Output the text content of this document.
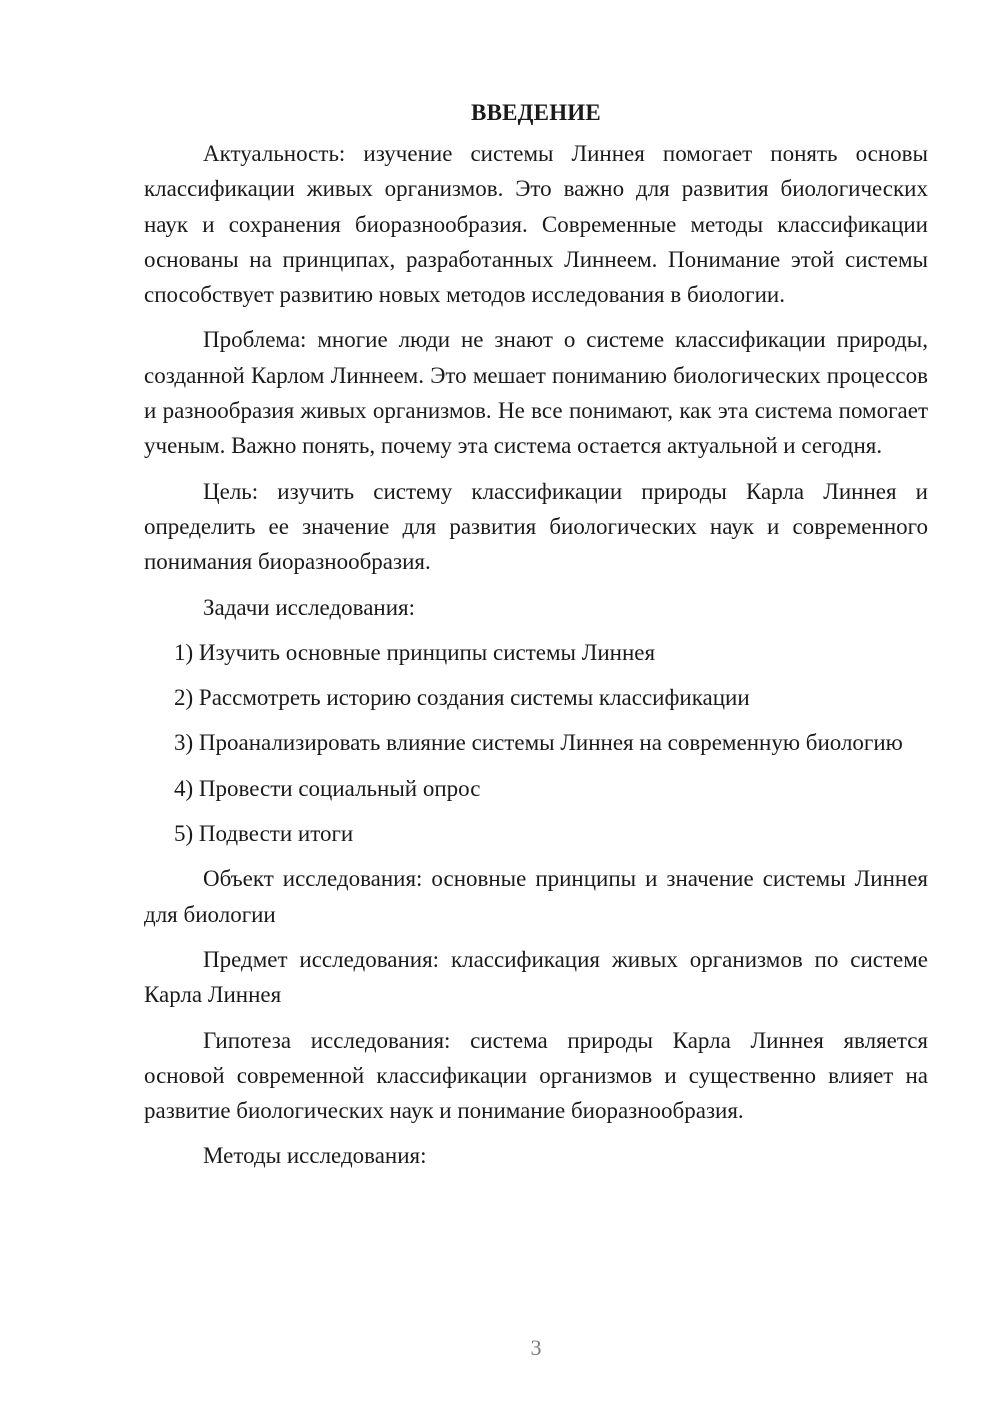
ВВЕДЕНИЕ

Актуальность: изучение системы Линнея помогает понять основы классификации живых организмов. Это важно для развития биологических наук и сохранения биоразнообразия. Современные методы классификации основаны на принципах, разработанных Линнеем. Понимание этой системы способствует развитию новых методов исследования в биологии.

Проблема: многие люди не знают о системе классификации природы, созданной Карлом Линнеем. Это мешает пониманию биологических процессов и разнообразия живых организмов. Не все понимают, как эта система помогает ученым. Важно понять, почему эта система остается актуальной и сегодня.

Цель: изучить систему классификации природы Карла Линнея и определить ее значение для развития биологических наук и современного понимания биоразнообразия.

Задачи исследования:

1) Изучить основные принципы системы Линнея

2) Рассмотреть историю создания системы классификации

3) Проанализировать влияние системы Линнея на современную биологию

4) Провести социальный опрос

5) Подвести итоги

Объект исследования: основные принципы и значение системы Линнея для биологии

Предмет исследования: классификация живых организмов по системе Карла Линнея

Гипотеза исследования: система природы Карла Линнея является основой современной классификации организмов и существенно влияет на развитие биологических наук и понимание биоразнообразия.

Методы исследования:

3
